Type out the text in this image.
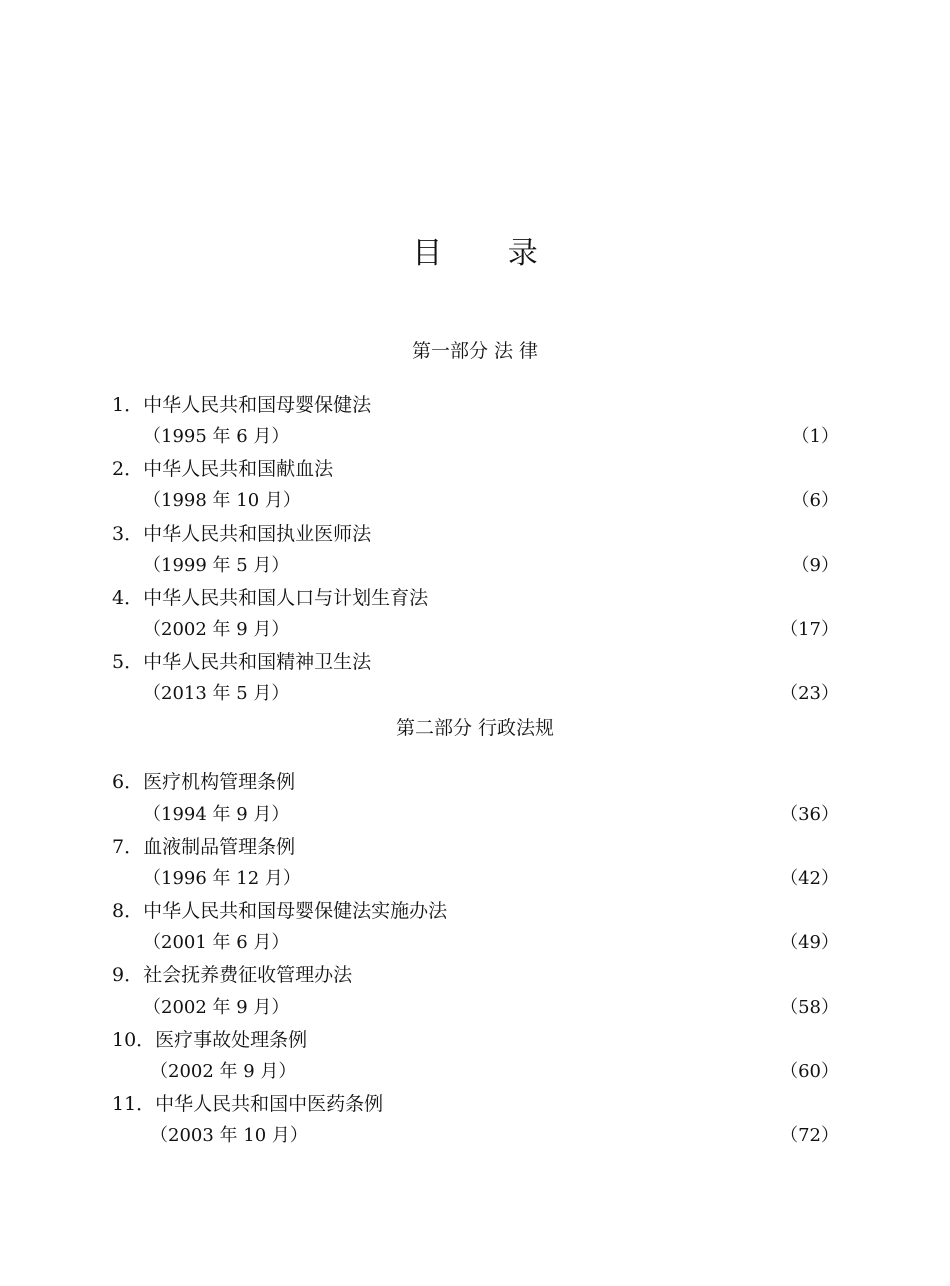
目 录
第一部分 法 律
1．中华人民共和国母婴保健法
（1995 年 6 月）	（1）
2．中华人民共和国献血法
（1998 年 10 月）	（6）
3．中华人民共和国执业医师法
（1999 年 5 月）	（9）
4．中华人民共和国人口与计划生育法
（2002 年 9 月）	（17）
5．中华人民共和国精神卫生法
（2013 年 5 月）	（23）
第二部分 行政法规
6．医疗机构管理条例
（1994 年 9 月）	（36）
7．血液制品管理条例
（1996 年 12 月）	（42）
8．中华人民共和国母婴保健法实施办法
（2001 年 6 月）	（49）
9．社会抚养费征收管理办法
（2002 年 9 月）	（58）
10．医疗事故处理条例
（2002 年 9 月）	（60）
11．中华人民共和国中医药条例
（2003 年 10 月）	（72）
